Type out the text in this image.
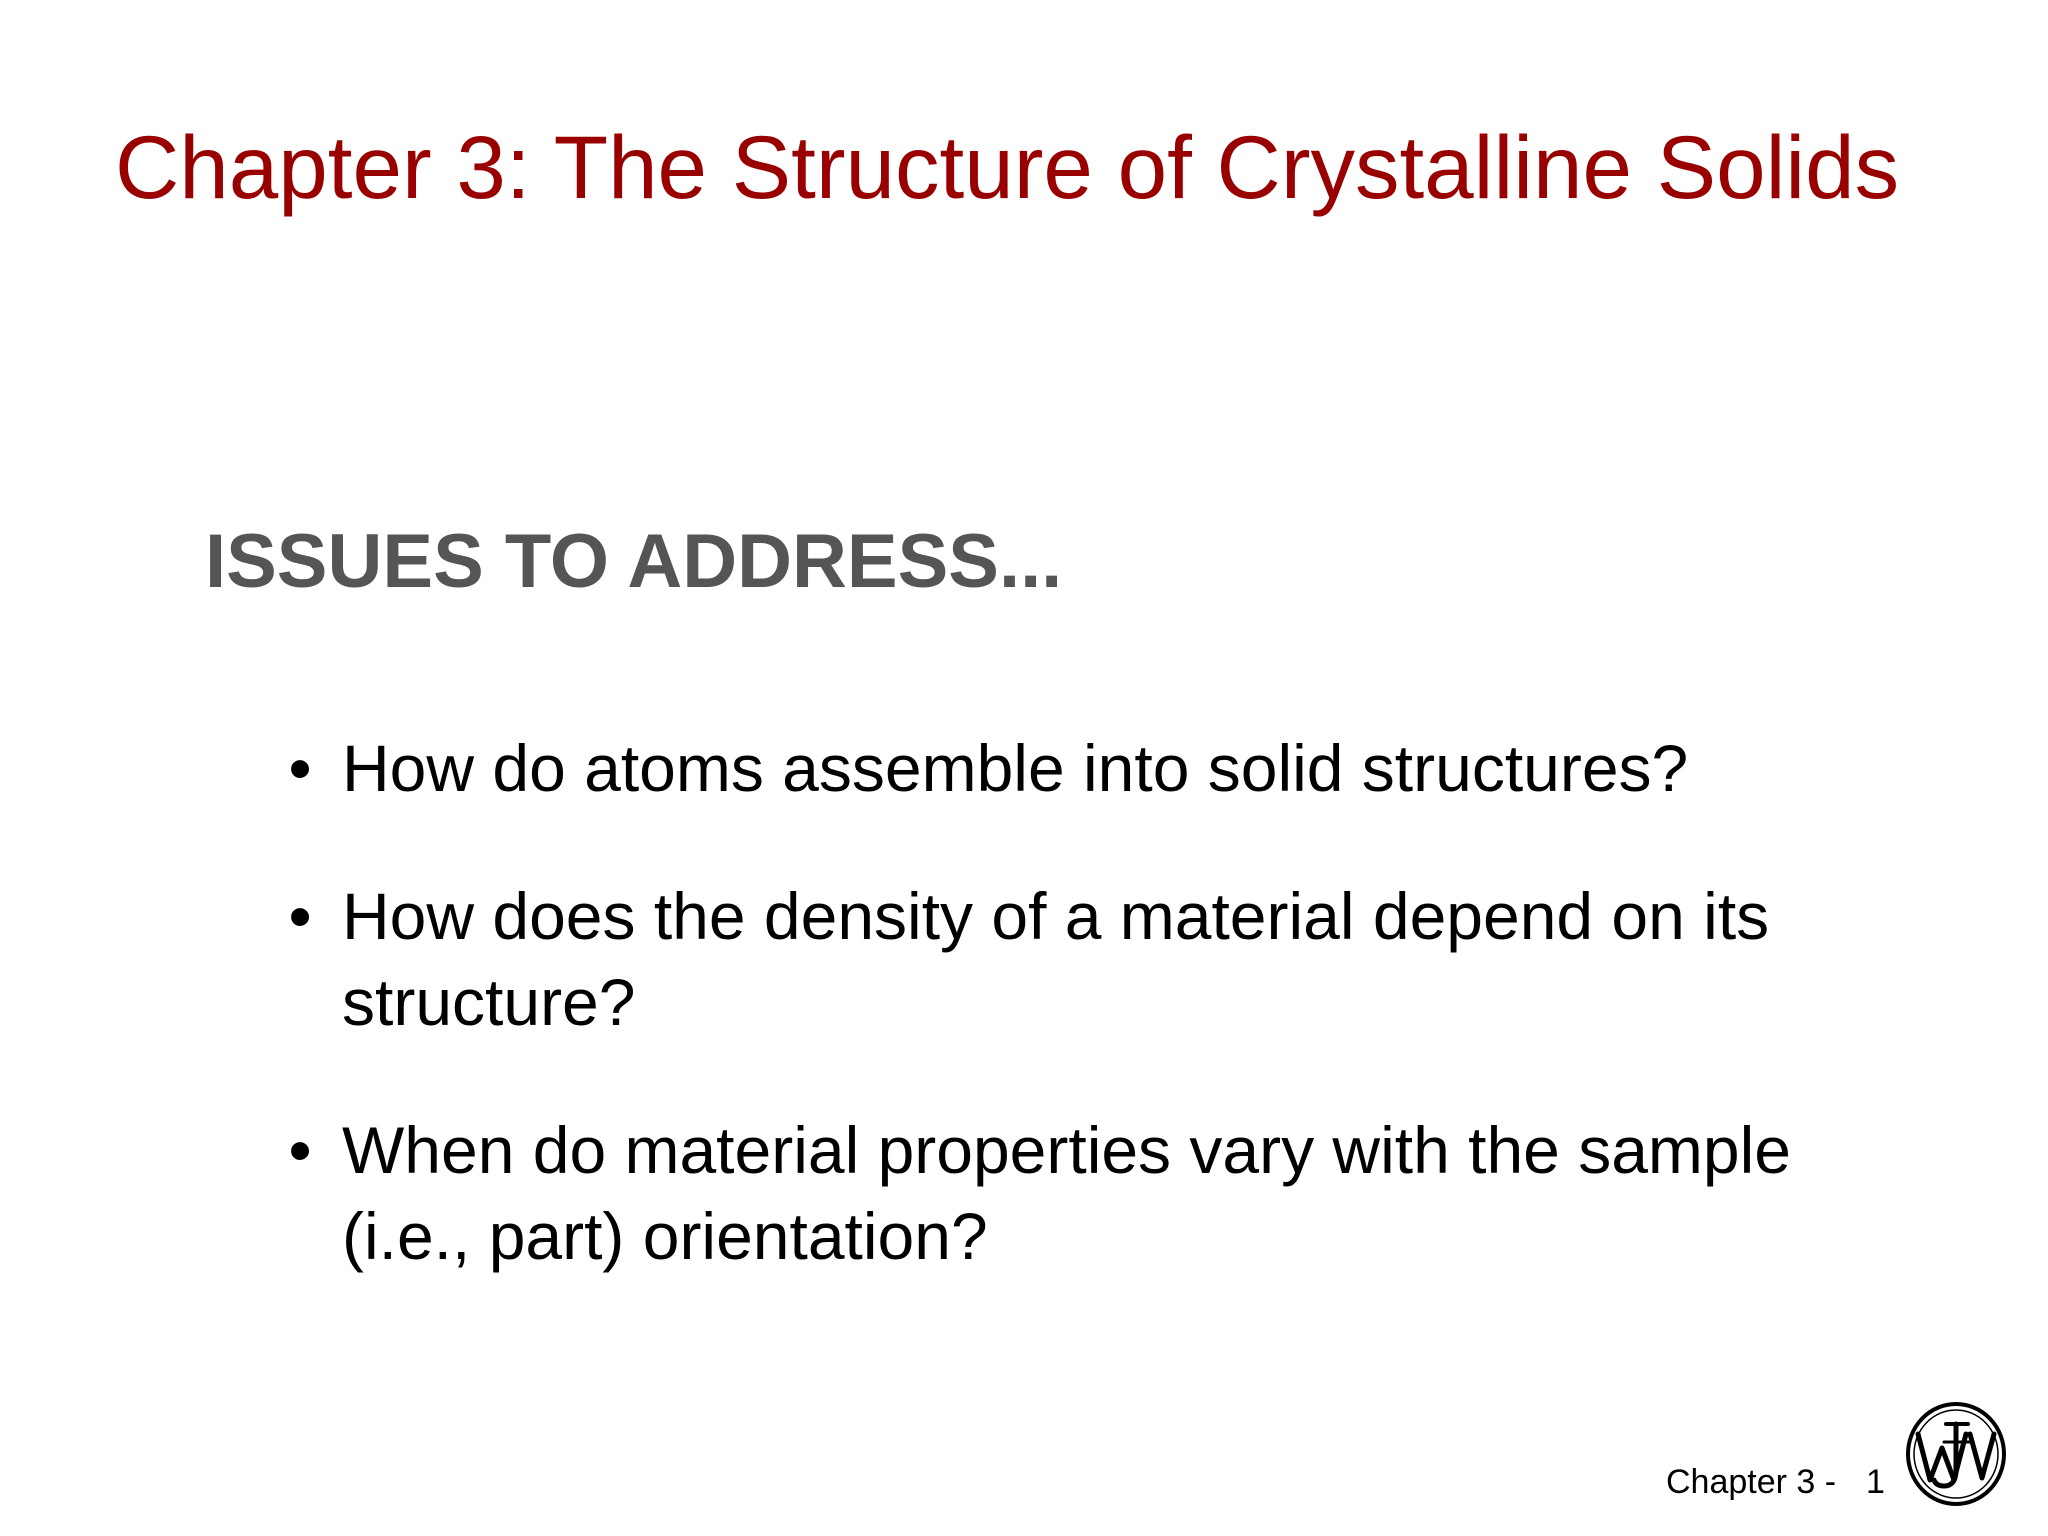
Chapter 3: The Structure of Crystalline Solids
ISSUES TO ADDRESS...
• How do atoms assemble into solid structures?
• How does the density of a material depend on its structure?
• When do material properties vary with the sample (i.e., part) orientation?
Chapter 3 - 1
